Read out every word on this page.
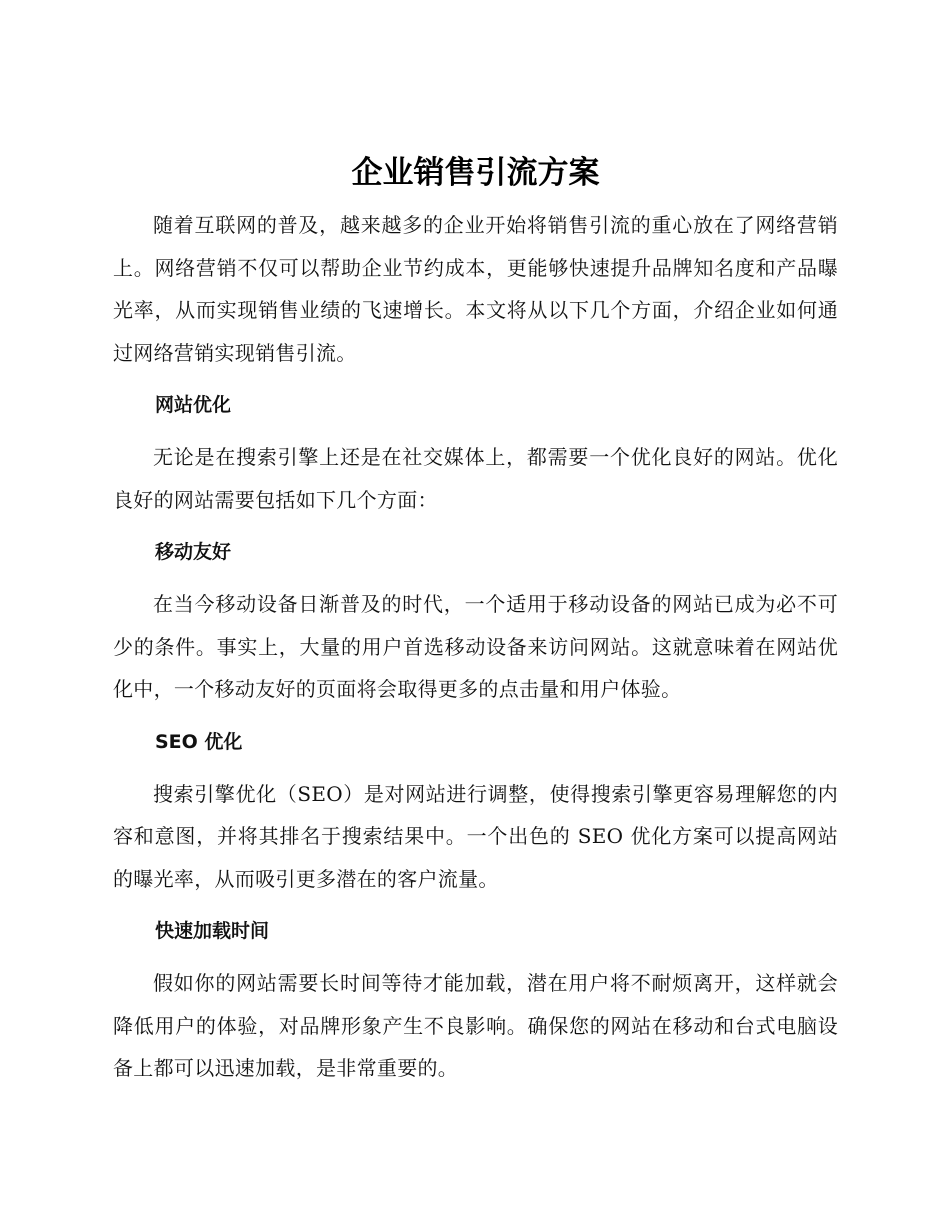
企业销售引流方案

随着互联网的普及，越来越多的企业开始将销售引流的重心放在了网络营销上。网络营销不仅可以帮助企业节约成本，更能够快速提升品牌知名度和产品曝光率，从而实现销售业绩的飞速增长。本文将从以下几个方面，介绍企业如何通过网络营销实现销售引流。

网站优化

无论是在搜索引擎上还是在社交媒体上，都需要一个优化良好的网站。优化良好的网站需要包括如下几个方面：

移动友好

在当今移动设备日渐普及的时代，一个适用于移动设备的网站已成为必不可少的条件。事实上，大量的用户首选移动设备来访问网站。这就意味着在网站优化中，一个移动友好的页面将会取得更多的点击量和用户体验。

SEO 优化

搜索引擎优化（SEO）是对网站进行调整，使得搜索引擎更容易理解您的内容和意图，并将其排名于搜索结果中。一个出色的 SEO 优化方案可以提高网站的曝光率，从而吸引更多潜在的客户流量。

快速加载时间

假如你的网站需要长时间等待才能加载，潜在用户将不耐烦离开，这样就会降低用户的体验，对品牌形象产生不良影响。确保您的网站在移动和台式电脑设备上都可以迅速加载，是非常重要的。
